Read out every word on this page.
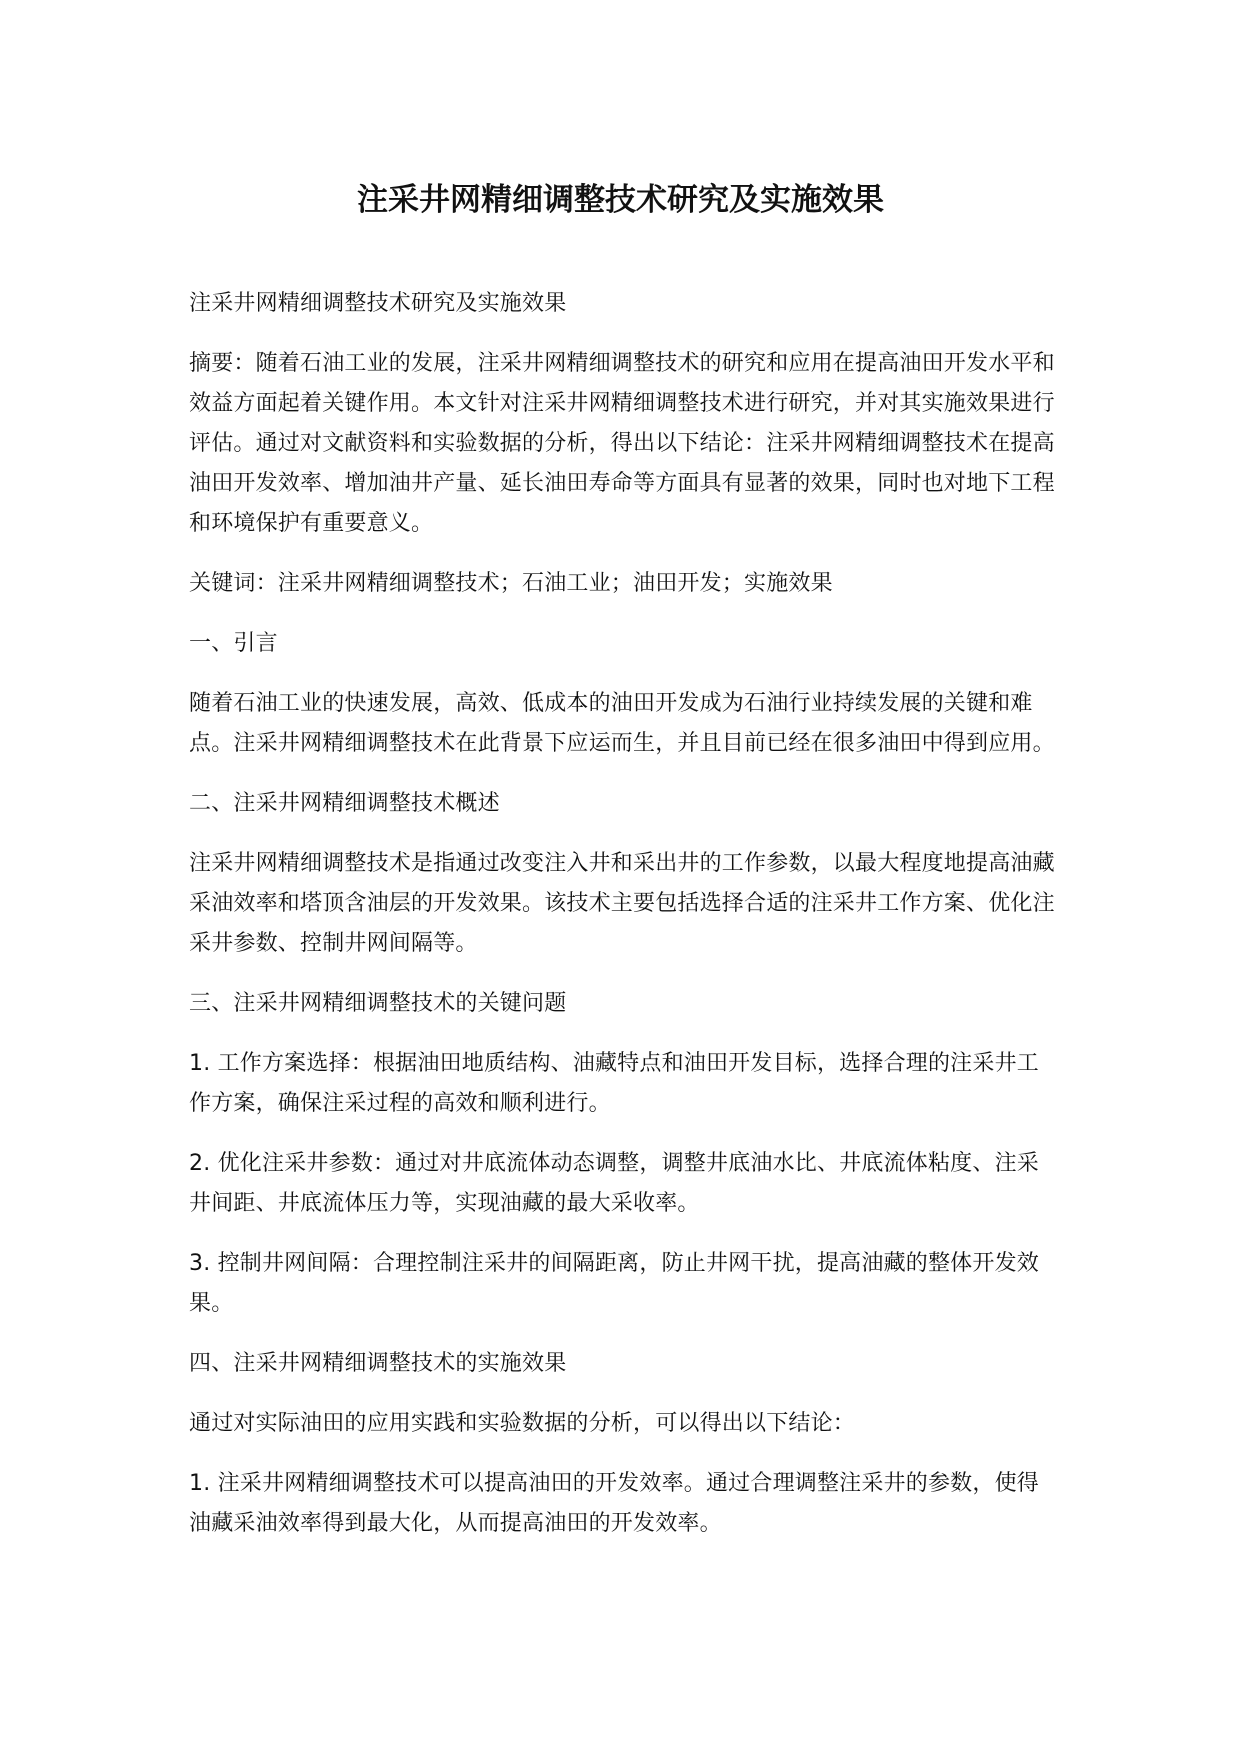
注采井网精细调整技术研究及实施效果

注采井网精细调整技术研究及实施效果

摘要：随着石油工业的发展，注采井网精细调整技术的研究和应用在提高油田开发水平和效益方面起着关键作用。本文针对注采井网精细调整技术进行研究，并对其实施效果进行评估。通过对文献资料和实验数据的分析，得出以下结论：注采井网精细调整技术在提高油田开发效率、增加油井产量、延长油田寿命等方面具有显著的效果，同时也对地下工程和环境保护有重要意义。

关键词：注采井网精细调整技术；石油工业；油田开发；实施效果

一、引言

随着石油工业的快速发展，高效、低成本的油田开发成为石油行业持续发展的关键和难点。注采井网精细调整技术在此背景下应运而生，并且目前已经在很多油田中得到应用。

二、注采井网精细调整技术概述

注采井网精细调整技术是指通过改变注入井和采出井的工作参数，以最大程度地提高油藏采油效率和塔顶含油层的开发效果。该技术主要包括选择合适的注采井工作方案、优化注采井参数、控制井网间隔等。

三、注采井网精细调整技术的关键问题

1. 工作方案选择：根据油田地质结构、油藏特点和油田开发目标，选择合理的注采井工作方案，确保注采过程的高效和顺利进行。

2. 优化注采井参数：通过对井底流体动态调整，调整井底油水比、井底流体粘度、注采井间距、井底流体压力等，实现油藏的最大采收率。

3. 控制井网间隔：合理控制注采井的间隔距离，防止井网干扰，提高油藏的整体开发效果。

四、注采井网精细调整技术的实施效果

通过对实际油田的应用实践和实验数据的分析，可以得出以下结论：

1. 注采井网精细调整技术可以提高油田的开发效率。通过合理调整注采井的参数，使得油藏采油效率得到最大化，从而提高油田的开发效率。
